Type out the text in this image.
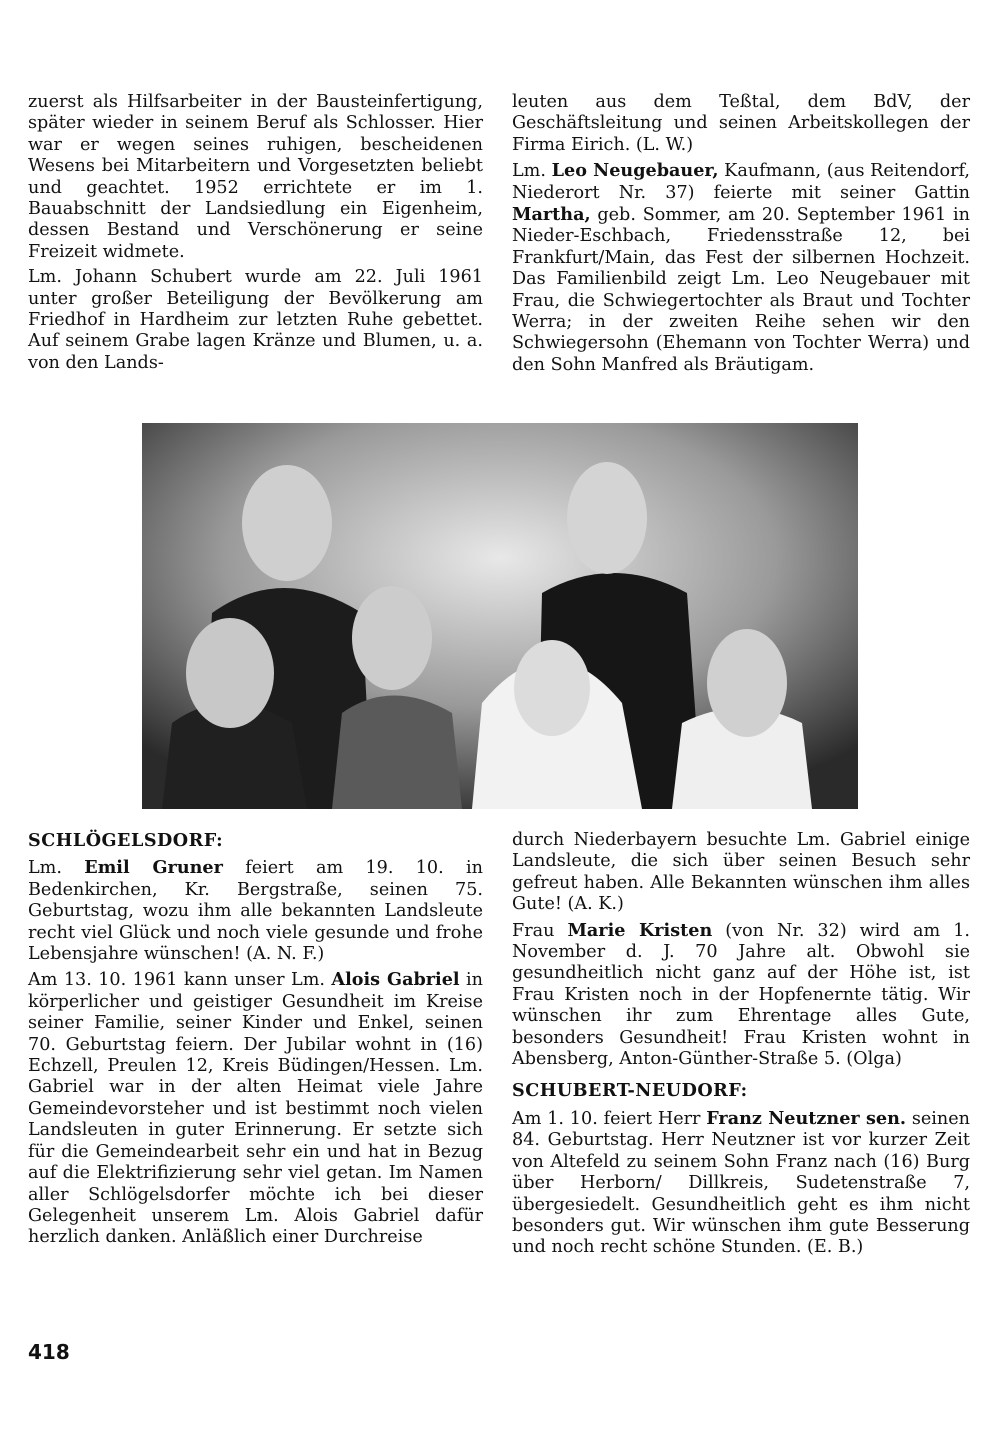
zuerst als Hilfsarbeiter in der Bausteinfertigung, später wieder in seinem Beruf als Schlosser. Hier war er wegen seines ruhigen, bescheidenen Wesens bei Mitarbeitern und Vorgesetzten beliebt und geachtet. 1952 errichtete er im 1. Bauabschnitt der Landsiedlung ein Eigenheim, dessen Bestand und Verschönerung er seine Freizeit widmete.

Lm. Johann Schubert wurde am 22. Juli 1961 unter großer Beteiligung der Bevölkerung am Friedhof in Hardheim zur letzten Ruhe gebettet. Auf seinem Grabe lagen Kränze und Blumen, u. a. von den Lands-

leuten aus dem Teßtal, dem BdV, der Geschäftsleitung und seinen Arbeitskollegen der Firma Eirich. (L. W.)

Lm. Leo Neugebauer, Kaufmann, (aus Reitendorf, Niederort Nr. 37) feierte mit seiner Gattin Martha, geb. Sommer, am 20. September 1961 in Nieder-Eschbach, Friedensstraße 12, bei Frankfurt/Main, das Fest der silbernen Hochzeit. Das Familienbild zeigt Lm. Leo Neugebauer mit Frau, die Schwiegertochter als Braut und Tochter Werra; in der zweiten Reihe sehen wir den Schwiegersohn (Ehemann von Tochter Werra) und den Sohn Manfred als Bräutigam.

SCHLÖGELSDORF:

Lm. Emil Gruner feiert am 19. 10. in Bedenkirchen, Kr. Bergstraße, seinen 75. Geburtstag, wozu ihm alle bekannten Landsleute recht viel Glück und noch viele gesunde und frohe Lebensjahre wünschen! (A. N. F.)

Am 13. 10. 1961 kann unser Lm. Alois Gabriel in körperlicher und geistiger Gesundheit im Kreise seiner Familie, seiner Kinder und Enkel, seinen 70. Geburtstag feiern. Der Jubilar wohnt in (16) Echzell, Preulen 12, Kreis Büdingen/Hessen. Lm. Gabriel war in der alten Heimat viele Jahre Gemeindevorsteher und ist bestimmt noch vielen Landsleuten in guter Erinnerung. Er setzte sich für die Gemeindearbeit sehr ein und hat in Bezug auf die Elektrifizierung sehr viel getan. Im Namen aller Schlögelsdorfer möchte ich bei dieser Gelegenheit unserem Lm. Alois Gabriel dafür herzlich danken. Anläßlich einer Durchreise

durch Niederbayern besuchte Lm. Gabriel einige Landsleute, die sich über seinen Besuch sehr gefreut haben. Alle Bekannten wünschen ihm alles Gute! (A. K.)

Frau Marie Kristen (von Nr. 32) wird am 1. November d. J. 70 Jahre alt. Obwohl sie gesundheitlich nicht ganz auf der Höhe ist, ist Frau Kristen noch in der Hopfenernte tätig. Wir wünschen ihr zum Ehrentage alles Gute, besonders Gesundheit! Frau Kristen wohnt in Abensberg, Anton-Günther-Straße 5. (Olga)

SCHUBERT-NEUDORF:

Am 1. 10. feiert Herr Franz Neutzner sen. seinen 84. Geburtstag. Herr Neutzner ist vor kurzer Zeit von Altefeld zu seinem Sohn Franz nach (16) Burg über Herborn/ Dillkreis, Sudetenstraße 7, übergesiedelt. Gesundheitlich geht es ihm nicht besonders gut. Wir wünschen ihm gute Besserung und noch recht schöne Stunden. (E. B.)

418
